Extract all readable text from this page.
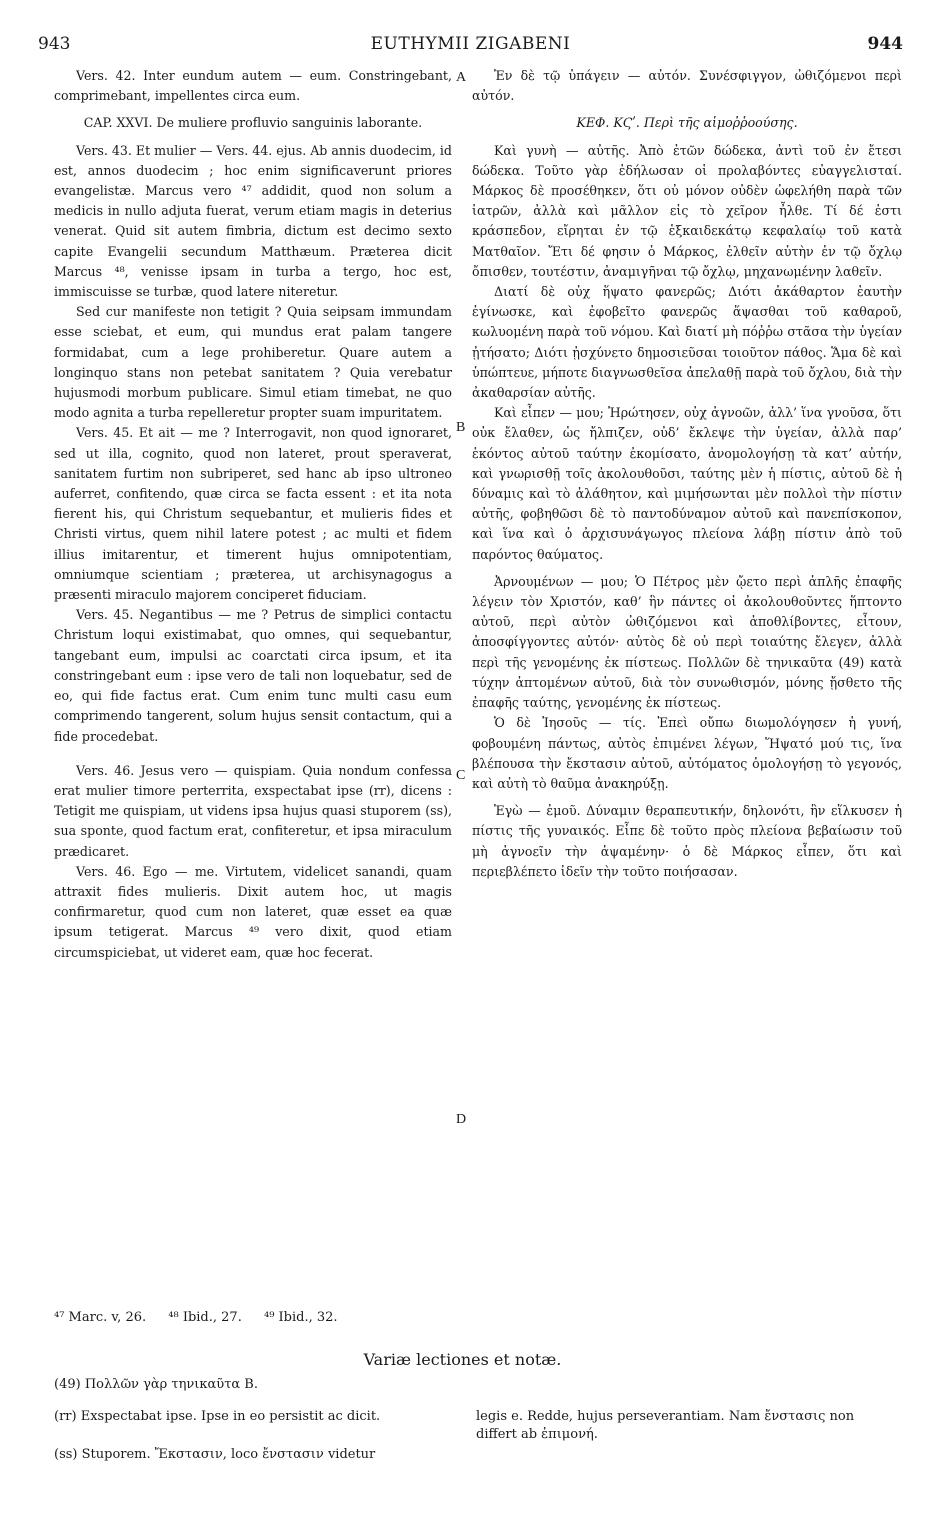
943	EUTHYMII ZIGABENI	944
A
B
C
D

Vers. 42. Inter eundum autem — eum. Constringebant, comprimebant, impellentes circa eum.

CAP. XXVI. De muliere profluvio sanguinis laborante.

Vers. 43. Et mulier — Vers. 44. ejus. Ab annis duodecim, id est, annos duodecim ; hoc enim significaverunt priores evangelistæ. Marcus vero ⁴⁷ addidit, quod non solum a medicis in nullo adjuta fuerat, verum etiam magis in deterius venerat. Quid sit autem fimbria, dictum est decimo sexto capite Evangelii secundum Matthæum. Præterea dicit Marcus ⁴⁸, venisse ipsam in turba a tergo, hoc est, immiscuisse se turbæ, quod latere niteretur.

Sed cur manifeste non tetigit ? Quia seipsam immundam esse sciebat, et eum, qui mundus erat palam tangere formidabat, cum a lege prohiberetur. Quare autem a longinquo stans non petebat sanitatem ? Quia verebatur hujusmodi morbum publicare. Simul etiam timebat, ne quo modo agnita a turba repelleretur propter suam impuritatem.

Vers. 45. Et ait — me ? Interrogavit, non quod ignoraret, sed ut illa, cognito, quod non lateret, prout speraverat, sanitatem furtim non subriperet, sed hanc ab ipso ultroneo auferret, confitendo, quæ circa se facta essent : et ita nota fierent his, qui Christum sequebantur, et mulieris fides et Christi virtus, quem nihil latere potest ; ac multi et fidem illius imitarentur, et timerent hujus omnipotentiam, omniumque scientiam ; præterea, ut archisynagogus a præsenti miraculo majorem conciperet fiduciam.

Vers. 45. Negantibus — me ? Petrus de simplici contactu Christum loqui existimabat, quo omnes, qui sequebantur, tangebant eum, impulsi ac coarctati circa ipsum, et ita constringebant eum : ipse vero de tali non loquebatur, sed de eo, qui fide factus erat. Cum enim tunc multi casu eum comprimendo tangerent, solum hujus sensit contactum, qui a fide procedebat.

Vers. 46. Jesus vero — quispiam. Quia nondum confessa erat mulier timore perterrita, exspectabat ipse (rr), dicens : Tetigit me quispiam, ut videns ipsa hujus quasi stuporem (ss), sua sponte, quod factum erat, confiteretur, et ipsa miraculum prædicaret.

Vers. 46. Ego — me. Virtutem, videlicet sanandi, quam attraxit fides mulieris. Dixit autem hoc, ut magis confirmaretur, quod cum non lateret, quæ esset ea quæ ipsum tetigerat. Marcus ⁴⁹ vero dixit, quod etiam circumspiciebat, ut videret eam, quæ hoc fecerat.

Ἐν δὲ τῷ ὑπάγειν — αὐτόν. Συνέσφιγγον, ὠθιζόμενοι περὶ αὐτόν.

ΚΕΦ. ΚϚʹ. Περὶ τῆς αἱμοῤῥοούσης.

Καὶ γυνὴ — αὐτῆς. Ἀπὸ ἐτῶν δώδεκα, ἀντὶ τοῦ ἐν ἔτεσι δώδεκα. Τοῦτο γὰρ ἐδήλωσαν οἱ προλαβόντες εὐαγγελισταί. Μάρκος δὲ προσέθηκεν, ὅτι οὐ μόνον οὐδὲν ὠφελήθη παρὰ τῶν ἰατρῶν, ἀλλὰ καὶ μᾶλλον εἰς τὸ χεῖρον ἦλθε. Τί δέ ἐστι κράσπεδον, εἴρηται ἐν τῷ ἑξκαιδεκάτῳ κεφαλαίῳ τοῦ κατὰ Ματθαῖον. Ἔτι δέ φησιν ὁ Μάρκος, ἐλθεῖν αὐτὴν ἐν τῷ ὄχλῳ ὄπισθεν, τουτέστιν, ἀναμιγῆναι τῷ ὄχλῳ, μηχανωμένην λαθεῖν.

Διατί δὲ οὐχ ἥψατο φανερῶς; Διότι ἀκάθαρτον ἑαυτὴν ἐγίνωσκε, καὶ ἐφοβεῖτο φανερῶς ἅψασθαι τοῦ καθαροῦ, κωλυομένη παρὰ τοῦ νόμου. Καὶ διατί μὴ πόῤῥω στᾶσα τὴν ὑγείαν ᾐτήσατο; Διότι ᾐσχύνετο δημοσιεῦσαι τοιοῦτον πάθος. Ἅμα δὲ καὶ ὑπώπτευε, μήποτε διαγνωσθεῖσα ἀπελαθῇ παρὰ τοῦ ὄχλου, διὰ τὴν ἀκαθαρσίαν αὐτῆς.

Καὶ εἶπεν — μου; Ἠρώτησεν, οὐχ ἀγνοῶν, ἀλλ’ ἵνα γνοῦσα, ὅτι οὐκ ἔλαθεν, ὡς ἤλπιζεν, οὐδ’ ἔκλεψε τὴν ὑγείαν, ἀλλὰ παρ’ ἑκόντος αὐτοῦ ταύτην ἐκομίσατο, ἀνομολογήσῃ τὰ κατ’ αὐτήν, καὶ γνωρισθῇ τοῖς ἀκολουθοῦσι, ταύτης μὲν ἡ πίστις, αὐτοῦ δὲ ἡ δύναμις καὶ τὸ ἀλάθητον, καὶ μιμήσωνται μὲν πολλοὶ τὴν πίστιν αὐτῆς, φοβηθῶσι δὲ τὸ παντοδύναμον αὐτοῦ καὶ πανεπίσκοπον, καὶ ἵνα καὶ ὁ ἀρχισυνάγωγος πλείονα λάβῃ πίστιν ἀπὸ τοῦ παρόντος θαύματος.

Ἀρνουμένων — μου; Ὁ Πέτρος μὲν ᾤετο περὶ ἁπλῆς ἐπαφῆς λέγειν τὸν Χριστόν, καθ’ ἣν πάντες οἱ ἀκολουθοῦντες ἥπτοντο αὐτοῦ, περὶ αὐτὸν ὠθιζόμενοι καὶ ἀποθλίβοντες, εἶτουν, ἀποσφίγγοντες αὐτόν· αὐτὸς δὲ οὐ περὶ τοιαύτης ἔλεγεν, ἀλλὰ περὶ τῆς γενομένης ἐκ πίστεως. Πολλῶν δὲ τηνικαῦτα (49) κατὰ τύχην ἁπτομένων αὐτοῦ, διὰ τὸν συνωθισμόν, μόνης ᾔσθετο τῆς ἐπαφῆς ταύτης, γενομένης ἐκ πίστεως.

Ὁ δὲ Ἰησοῦς — τίς. Ἐπεὶ οὔπω διωμολόγησεν ἡ γυνή, φοβουμένη πάντως, αὐτὸς ἐπιμένει λέγων, Ἥψατό μού τις, ἵνα βλέπουσα τὴν ἔκστασιν αὐτοῦ, αὐτόματος ὁμολογήσῃ τὸ γεγονός, καὶ αὐτὴ τὸ θαῦμα ἀνακηρύξῃ.

Ἐγὼ — ἐμοῦ. Δύναμιν θεραπευτικήν, δηλονότι, ἣν εἵλκυσεν ἡ πίστις τῆς γυναικός. Εἶπε δὲ τοῦτο πρὸς πλείονα βεβαίωσιν τοῦ μὴ ἀγνοεῖν τὴν ἁψαμένην· ὁ δὲ Μάρκος εἶπεν, ὅτι καὶ περιεβλέπετο ἰδεῖν τὴν τοῦτο ποιήσασαν.

⁴⁷ Marc. v, 26. ⁴⁸ Ibid., 27. ⁴⁹ Ibid., 32.
Variæ lectiones et notæ.
(49) Πολλῶν γὰρ τηνικαῦτα B.
(rr) Exspectabat ipse. Ipse in eo persistit ac dicit.	legis e. Redde, hujus perseverantiam. Nam ἔνστασις non differt ab ἐπιμονή.
(ss) Stuporem. Ἔκστασιν, loco ἔνστασιν videtur
